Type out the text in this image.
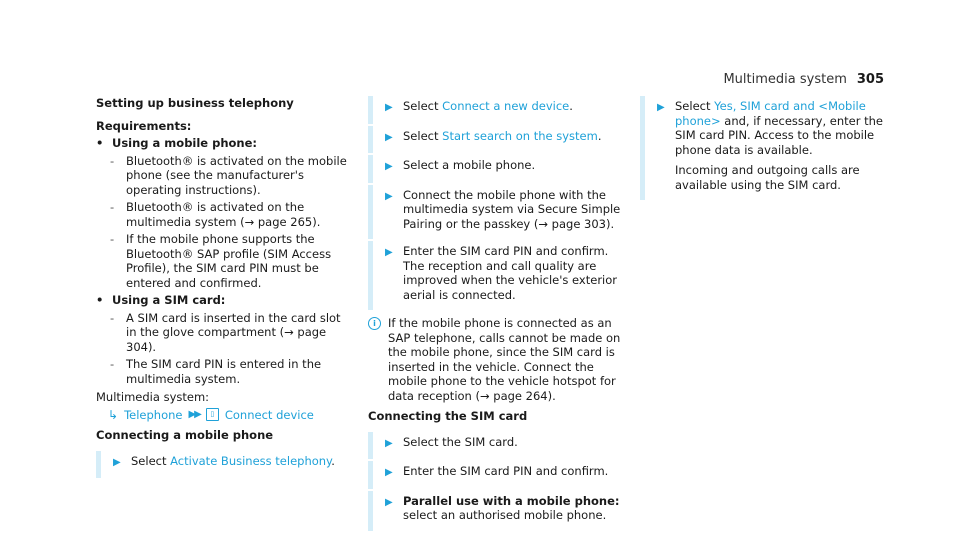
Multimedia system 305

Setting up business telephony

Requirements:

• Using a mobile phone:
- Bluetooth® is activated on the mobile phone (see the manufacturer's operating instructions).
- Bluetooth® is activated on the multimedia system (→ page 265).
- If the mobile phone supports the Bluetooth® SAP profile (SIM Access Profile), the SIM card PIN must be entered and confirmed.
• Using a SIM card:
- A SIM card is inserted in the card slot in the glove compartment (→ page 304).
- The SIM card PIN is entered in the multimedia system.

Multimedia system:

↳ Telephone ▶▶	▯ Connect device

Connecting a mobile phone

▶ Select Activate Business telephony.
▶ Select Connect a new device.
▶ Select Start search on the system.
▶ Select a mobile phone.
▶ Connect the mobile phone with the multimedia system via Secure Simple Pairing or the passkey (→ page 303).
▶ Enter the SIM card PIN and confirm. The reception and call quality are improved when the vehicle's exterior aerial is connected.
i	If the mobile phone is connected as an SAP telephone, calls cannot be made on the mobile phone, since the SIM card is inserted in the vehicle. Connect the mobile phone to the vehicle hotspot for data reception (→ page 264).

Connecting the SIM card

▶ Select the SIM card.
▶ Enter the SIM card PIN and confirm.
▶ Parallel use with a mobile phone: select an authorised mobile phone.
▶ Select Yes, SIM card and <Mobile phone> and, if necessary, enter the SIM card PIN. Access to the mobile phone data is available.
Incoming and outgoing calls are available using the SIM card.
